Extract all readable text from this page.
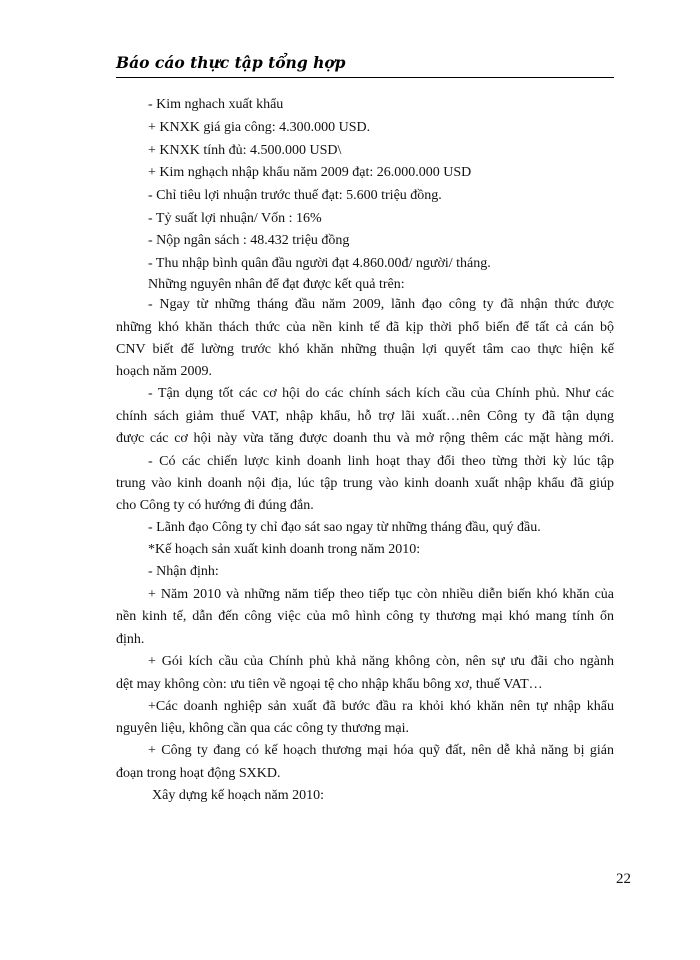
Báo cáo thực tập tổng hợp
- Kim nghach xuất khẩu
+ KNXK giá gia công: 4.300.000 USD.
+ KNXK tính đủ: 4.500.000 USD\
+ Kim nghạch nhập khẩu năm 2009 đạt: 26.000.000 USD
- Chỉ tiêu lợi nhuận trước thuế đạt: 5.600 triệu đồng.
- Tỷ suất lợi nhuận/ Vốn : 16%
- Nộp ngân sách : 48.432 triệu đồng
- Thu nhập bình quân đầu người đạt 4.860.00đ/ người/ tháng.
Những nguyên nhân để đạt được kết quả trên:
- Ngay từ những tháng đầu năm 2009, lãnh đạo công ty đã nhận thức được
những khó khăn thách thức của nền kinh tế đã kịp thời phổ biến để tất cả cán bộ
CNV biết để lường trước khó khăn những thuận lợi quyết tâm cao thực hiện kế
hoạch năm 2009.
- Tận dụng tốt các cơ hội do các chính sách kích cầu của Chính phủ. Như các
chính sách giảm thuế VAT, nhập khẩu, hỗ trợ lãi xuất…nên Công ty đã tận dụng
được các cơ hội này vừa tăng được doanh thu và mở rộng thêm các mặt hàng mới.
- Có các chiến lược kinh doanh linh hoạt thay đổi theo từng thời kỳ lúc tập
trung vào kinh doanh nội địa, lúc tập trung vào kinh doanh xuất nhập khẩu đã giúp
cho Công ty có hướng đi đúng đắn.
- Lãnh đạo Công ty chỉ đạo sát sao ngay từ những tháng đầu, quý đầu.
*Kế hoạch sản xuất kinh doanh trong năm 2010:
- Nhận định:
+ Năm 2010 và những năm tiếp theo tiếp tục còn nhiều diễn biến khó khăn của
nền kinh tế, dẫn đến công việc của mô hình công ty thương mại khó mang tính ổn
định.
+ Gói kích cầu của Chính phủ khả năng không còn, nên sự ưu đãi cho ngành
dệt may không còn: ưu tiên về ngoại tệ cho nhập khẩu bông xơ, thuế VAT…
+Các doanh nghiệp sản xuất đã bước đầu ra khỏi khó khăn nên tự nhập khẩu
nguyên liệu, không cần qua các công ty thương mại.
+ Công ty đang có kế hoạch thương mại hóa quỹ đất, nên dễ khả năng bị gián
đoạn trong hoạt động SXKD.
Xây dựng kế hoạch năm 2010:
22
